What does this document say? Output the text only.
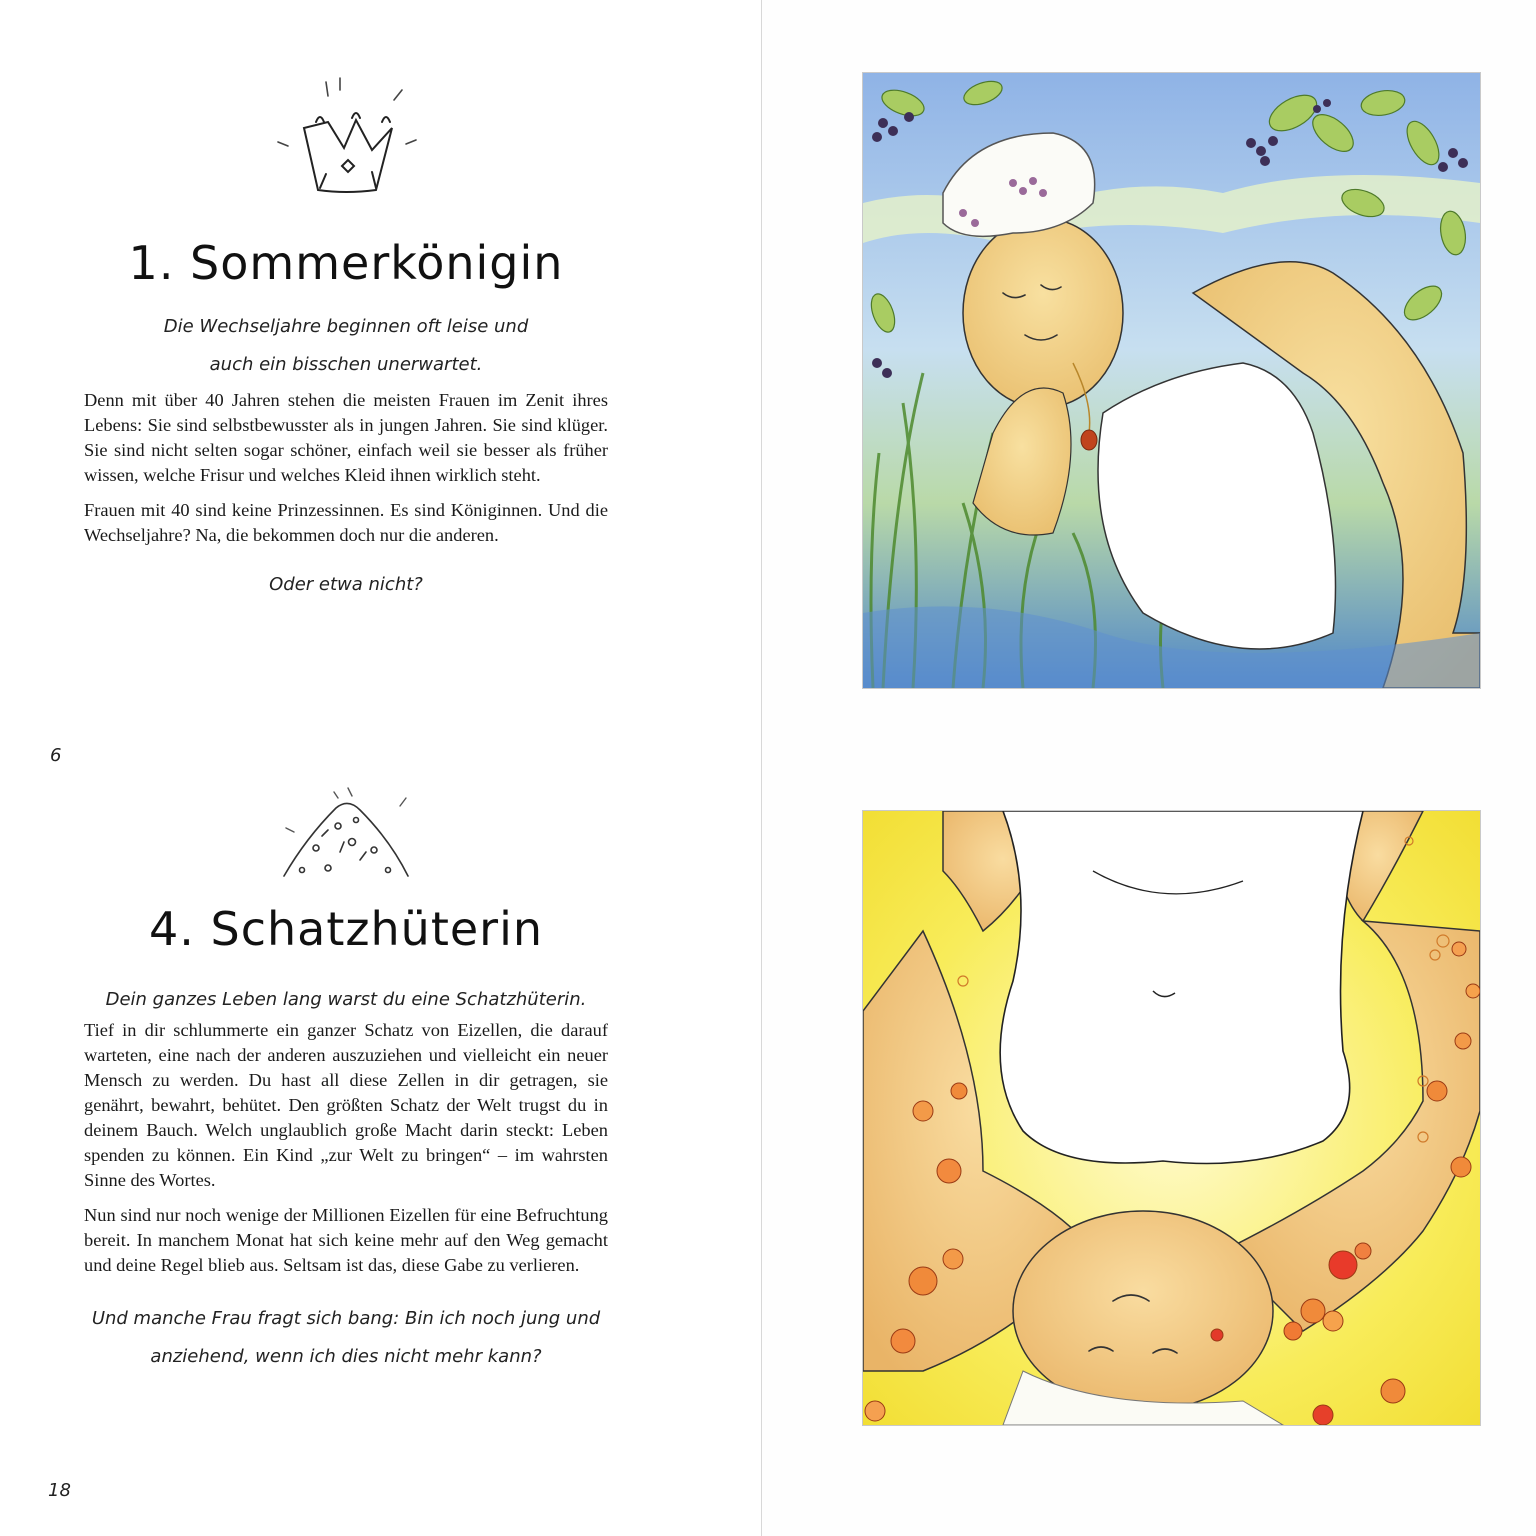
1. Sommerkönigin
Die Wechseljahre beginnen oft leise und
auch ein bisschen unerwartet.

Denn mit über 40 Jahren stehen die meisten Frauen im Zenit ihres Lebens: Sie sind selbstbewusster als in jungen Jahren. Sie sind klüger. Sie sind nicht selten sogar schöner, einfach weil sie besser als früher wissen, welche Frisur und welches Kleid ihnen wirklich steht.

Frauen mit 40 sind keine Prinzessinnen. Es sind Königinnen. Und die Wechseljahre? Na, die bekommen doch nur die anderen.

Oder etwa nicht?
6
4. Schatzhüterin
Dein ganzes Leben lang warst du eine Schatzhüterin.

Tief in dir schlummerte ein ganzer Schatz von Eizellen, die darauf warteten, eine nach der anderen auszuziehen und vielleicht ein neuer Mensch zu werden. Du hast all diese Zellen in dir getragen, sie genährt, bewahrt, behütet. Den größten Schatz der Welt trugst du in deinem Bauch. Welch unglaublich große Macht darin steckt: Leben spenden zu können. Ein Kind „zur Welt zu bringen“ – im wahrsten Sinne des Wortes.

Nun sind nur noch wenige der Millionen Eizellen für eine Befruchtung bereit. In manchem Monat hat sich keine mehr auf den Weg gemacht und deine Regel blieb aus. Seltsam ist das, diese Gabe zu verlieren.

Und manche Frau fragt sich bang: Bin ich noch jung und
anziehend, wenn ich dies nicht mehr kann?
18
